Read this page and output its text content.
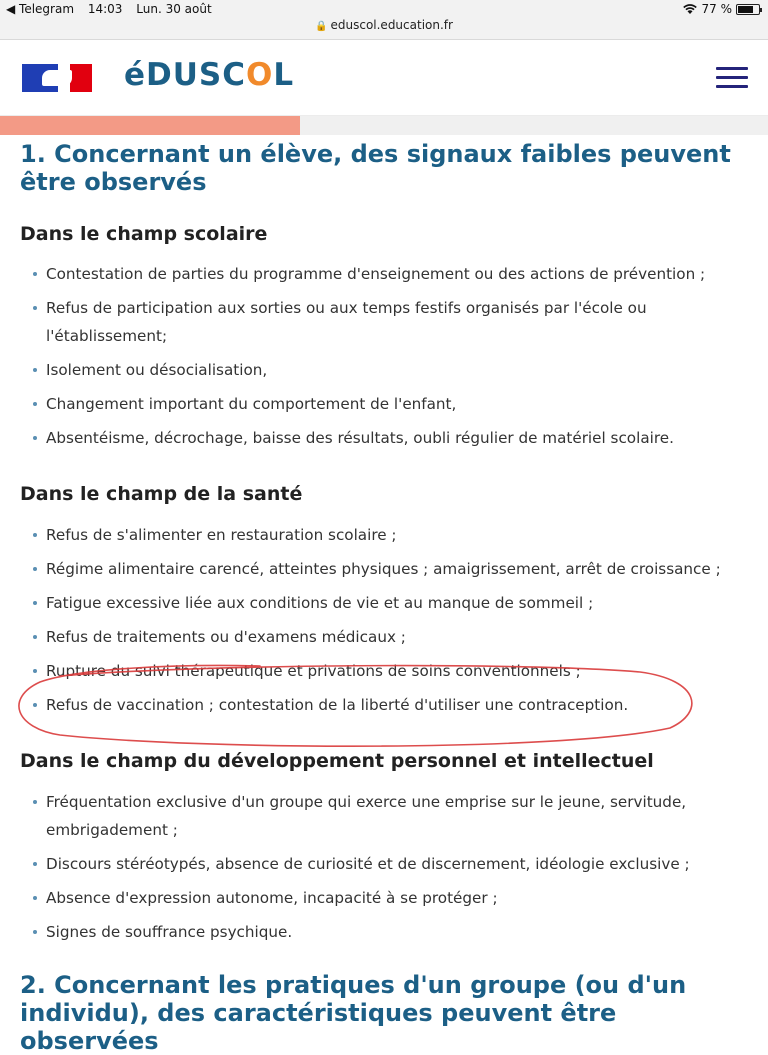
◀ Telegram 14:03 Lun. 30 août	77 %
🔒 eduscol.education.fr
éDUSCOL
1. Concernant un élève, des signaux faibles peuvent être observés
Dans le champ scolaire
Contestation de parties du programme d'enseignement ou des actions de prévention ;
Refus de participation aux sorties ou aux temps festifs organisés par l'école ou l'établissement;
Isolement ou désocialisation,
Changement important du comportement de l'enfant,
Absentéisme, décrochage, baisse des résultats, oubli régulier de matériel scolaire.
Dans le champ de la santé
Refus de s'alimenter en restauration scolaire ;
Régime alimentaire carencé, atteintes physiques ; amaigrissement, arrêt de croissance ;
Fatigue excessive liée aux conditions de vie et au manque de sommeil ;
Refus de traitements ou d'examens médicaux ;
Rupture du suivi thérapeutique et privations de soins conventionnels ;
Refus de vaccination ; contestation de la liberté d'utiliser une contraception.
Dans le champ du développement personnel et intellectuel
Fréquentation exclusive d'un groupe qui exerce une emprise sur le jeune, servitude, embrigadement ;
Discours stéréotypés, absence de curiosité et de discernement, idéologie exclusive ;
Absence d'expression autonome, incapacité à se protéger ;
Signes de souffrance psychique.
2. Concernant les pratiques d'un groupe (ou d'un individu), des caractéristiques peuvent être observées
